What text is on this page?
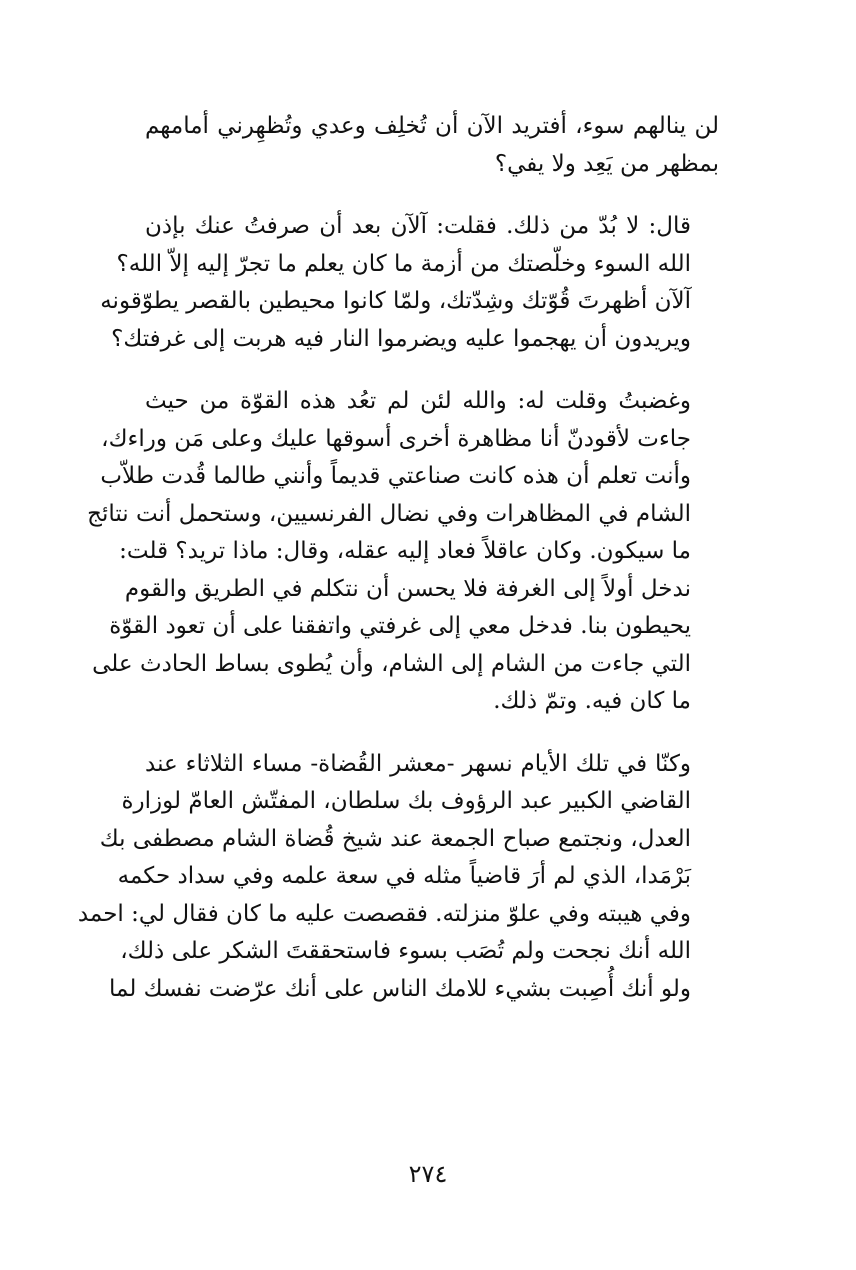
لن ينالهم سوء، أفتريد الآن أن تُخلِف وعدي وتُظهِرني أمامهم
بمظهر من يَعِد ولا يفي؟

قال: لا بُدّ من ذلك. فقلت: آلآن بعد أن صرفتُ عنك بإذن
الله السوء وخلّصتك من أزمة ما كان يعلم ما تجرّ إليه إلاّ الله؟
آلآن أظهرتَ قُوّتك وشِدّتك، ولمّا كانوا محيطين بالقصر يطوّقونه
ويريدون أن يهجموا عليه ويضرموا النار فيه هربت إلى غرفتك؟

وغضبتُ وقلت له: والله لئن لم تعُد هذه القوّة من حيث
جاءت لأقودنّ أنا مظاهرة أخرى أسوقها عليك وعلى مَن وراءك،
وأنت تعلم أن هذه كانت صناعتي قديماً وأنني طالما قُدت طلاّب
الشام في المظاهرات وفي نضال الفرنسيين، وستحمل أنت نتائج
ما سيكون. وكان عاقلاً فعاد إليه عقله، وقال: ماذا تريد؟ قلت:
ندخل أولاً إلى الغرفة فلا يحسن أن نتكلم في الطريق والقوم
يحيطون بنا. فدخل معي إلى غرفتي واتفقنا على أن تعود القوّة
التي جاءت من الشام إلى الشام، وأن يُطوى بساط الحادث على
ما كان فيه. وتمّ ذلك.

وكنّا في تلك الأيام نسهر -معشر القُضاة- مساء الثلاثاء عند
القاضي الكبير عبد الرؤوف بك سلطان، المفتّش العامّ لوزارة
العدل، ونجتمع صباح الجمعة عند شيخ قُضاة الشام مصطفى بك
بَرْمَدا، الذي لم أرَ قاضياً مثله في سعة علمه وفي سداد حكمه
وفي هيبته وفي علوّ منزلته. فقصصت عليه ما كان فقال لي: احمد
الله أنك نجحت ولم تُصَب بسوء فاستحققتَ الشكر على ذلك،
ولو أنك أُصِبت بشيء للامك الناس على أنك عرّضت نفسك لما

٢٧٤
